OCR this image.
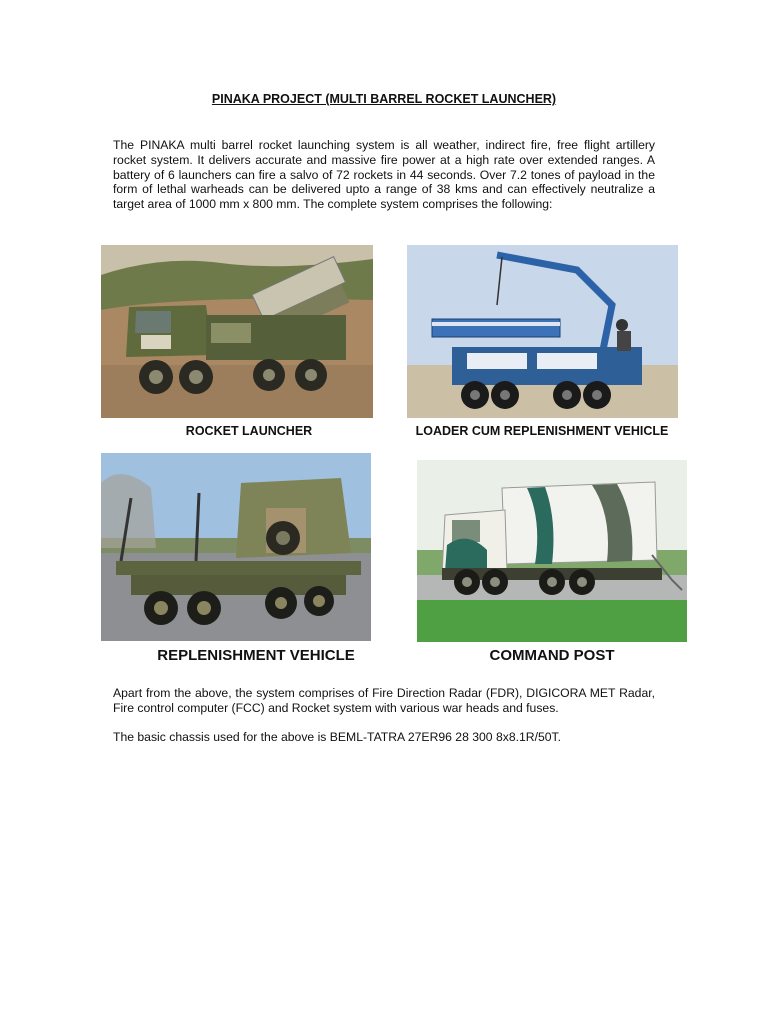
PINAKA PROJECT (MULTI BARREL ROCKET LAUNCHER)

The PINAKA multi barrel rocket launching system is all weather, indirect fire, free flight artillery rocket system. It delivers accurate and massive fire power at a high rate over extended ranges. A battery of 6 launchers can fire a salvo of 72 rockets in 44 seconds. Over 7.2 tones of payload in the form of lethal warheads can be delivered upto a range of 38 kms and can effectively neutralize a target area of 1000 mm x 800 mm. The complete system comprises the following:

ROCKET LAUNCHER	LOADER CUM REPLENISHMENT VEHICLE
REPLENISHMENT VEHICLE	COMMAND POST

Apart from the above, the system comprises of Fire Direction Radar (FDR), DIGICORA MET Radar, Fire control computer (FCC) and Rocket system with various war heads and fuses.

The basic chassis used for the above is BEML-TATRA 27ER96 28 300 8x8.1R/50T.
